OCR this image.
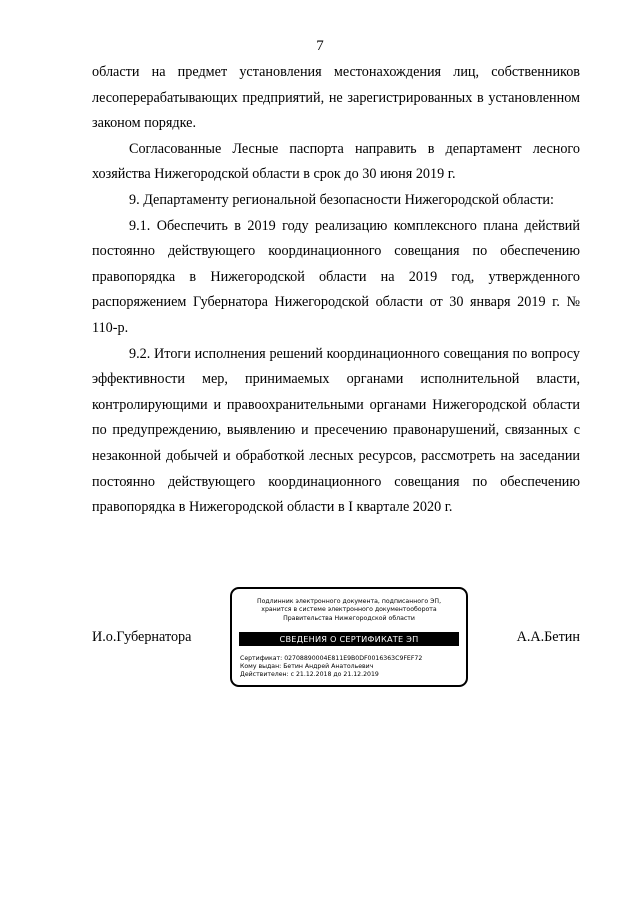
7

области на предмет установления местонахождения лиц, собственников лесоперерабатывающих предприятий, не зарегистрированных в установленном законом порядке.

Согласованные Лесные паспорта направить в департамент лесного хозяйства Нижегородской области в срок до 30 июня 2019 г.

9. Департаменту региональной безопасности Нижегородской области:

9.1. Обеспечить в 2019 году реализацию комплексного плана действий постоянно действующего координационного совещания по обеспечению правопорядка в Нижегородской области на 2019 год, утвержденного распоряжением Губернатора Нижегородской области от 30 января 2019 г. № 110-р.

9.2. Итоги исполнения решений координационного совещания по вопросу эффективности мер, принимаемых органами исполнительной власти, контролирующими и правоохранительными органами Нижегородской области по предупреждению, выявлению и пресечению правонарушений, связанных с незаконной добычей и обработкой лесных ресурсов, рассмотреть на заседании постоянно действующего координационного совещания по обеспечению правопорядка в Нижегородской области в I квартале 2020 г.

И.о.Губернатора
Подлинник электронного документа, подписанного ЭП,
хранится в системе электронного документооборота
Правительства Нижегородской области
СВЕДЕНИЯ О СЕРТИФИКАТЕ ЭП
Сертификат: 02708890004E811E9B0DF0016363C9FEF72
Кому выдан: Бетин Андрей Анатольевич
Действителен: с 21.12.2018 до 21.12.2019
А.А.Бетин
